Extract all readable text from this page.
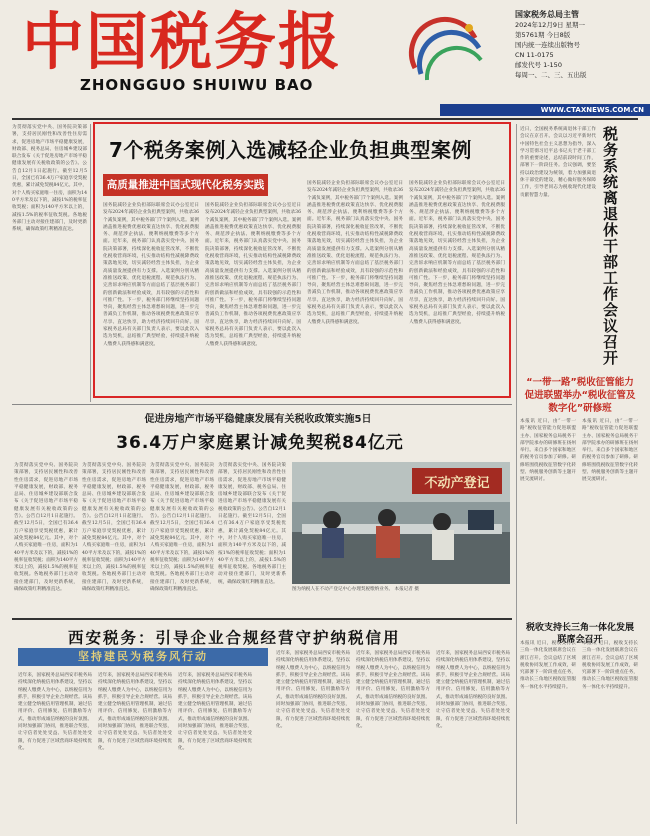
中国税务报
ZHONGGUO SHUIWU BAO
国家税务总局主管
2024年12月9日 星期一
第5761期 今日8版
国内统一连续出版物号
CN 11-0175
邮发代号 1-150
每周一、二、三、五出版
WWW.CTAXNEWS.COM.CN
为贯彻落实党中央、国务院决策部署，支持居民刚性和改善性住房需求，促进房地产市场平稳健康发展，财政部、税务总局、住房城乡建设部联合发布《关于促进房地产市场平稳健康发展有关税收政策的公告》。公告自12月1日起施行。截至12月5日，全国已有36.4万户家庭享受契税优惠，累计减免契税84亿元。其中，对个人购买家庭唯一住房，面积为140平方米及以下的，减按1%的税率征收契税；面积为140平方米以上的，减按1.5%的税率征收契税。各地税务部门主动对接住建部门，及时更新系统，确保政策红利精准直达。
7个税务案例入选减轻企业负担典型案例
高质量推进中国式现代化税务实践
国务院减轻企业负担部际联席会议办公室近日发布2024年减轻企业负担典型案例，共收录36个减负案例，其中税务部门7个案例入选。案例涵盖推进税费优惠政策直达快享、优化税费服务、规范涉企执法、便利纳税缴费等多个方面。近年来，税务部门认真落实党中央、国务院决策部署，持续深化税收征管改革，不断优化税收营商环境，扎实推动结构性减税降费政策落地见效，切实减轻经营主体负担，为企业高质量发展提供有力支撑。入选案例分别从精准推送政策、优化退税流程、规范执法行为、完善诉求响应机制等方面总结了基层税务部门的创新做法和经验成效，具有较强的示范性和可推广性。下一步，税务部门将继续坚持问题导向，聚焦经营主体急难愁盼问题，进一步完善减负工作机制，推动各项税费优惠政策应享尽享、直达快享，助力经济持续回升向好。国家税务总局有关部门负责人表示，要以此次入选为契机，总结推广典型经验，持续提升纳税人缴费人获得感和满意度。
国务院减轻企业负担部际联席会议办公室近日发布2024年减轻企业负担典型案例，共收录36个减负案例，其中税务部门7个案例入选。案例涵盖推进税费优惠政策直达快享、优化税费服务、规范涉企执法、便利纳税缴费等多个方面。近年来，税务部门认真落实党中央、国务院决策部署，持续深化税收征管改革，不断优化税收营商环境，扎实推动结构性减税降费政策落地见效，切实减轻经营主体负担，为企业高质量发展提供有力支撑。入选案例分别从精准推送政策、优化退税流程、规范执法行为、完善诉求响应机制等方面总结了基层税务部门的创新做法和经验成效，具有较强的示范性和可推广性。下一步，税务部门将继续坚持问题导向，聚焦经营主体急难愁盼问题，进一步完善减负工作机制，推动各项税费优惠政策应享尽享、直达快享，助力经济持续回升向好。国家税务总局有关部门负责人表示，要以此次入选为契机，总结推广典型经验，持续提升纳税人缴费人获得感和满意度。
国务院减轻企业负担部际联席会议办公室近日发布2024年减轻企业负担典型案例，共收录36个减负案例，其中税务部门7个案例入选。案例涵盖推进税费优惠政策直达快享、优化税费服务、规范涉企执法、便利纳税缴费等多个方面。近年来，税务部门认真落实党中央、国务院决策部署，持续深化税收征管改革，不断优化税收营商环境，扎实推动结构性减税降费政策落地见效，切实减轻经营主体负担，为企业高质量发展提供有力支撑。入选案例分别从精准推送政策、优化退税流程、规范执法行为、完善诉求响应机制等方面总结了基层税务部门的创新做法和经验成效，具有较强的示范性和可推广性。下一步，税务部门将继续坚持问题导向，聚焦经营主体急难愁盼问题，进一步完善减负工作机制，推动各项税费优惠政策应享尽享、直达快享，助力经济持续回升向好。国家税务总局有关部门负责人表示，要以此次入选为契机，总结推广典型经验，持续提升纳税人缴费人获得感和满意度。
国务院减轻企业负担部际联席会议办公室近日发布2024年减轻企业负担典型案例，共收录36个减负案例，其中税务部门7个案例入选。案例涵盖推进税费优惠政策直达快享、优化税费服务、规范涉企执法、便利纳税缴费等多个方面。近年来，税务部门认真落实党中央、国务院决策部署，持续深化税收征管改革，不断优化税收营商环境，扎实推动结构性减税降费政策落地见效，切实减轻经营主体负担，为企业高质量发展提供有力支撑。入选案例分别从精准推送政策、优化退税流程、规范执法行为、完善诉求响应机制等方面总结了基层税务部门的创新做法和经验成效，具有较强的示范性和可推广性。下一步，税务部门将继续坚持问题导向，聚焦经营主体急难愁盼问题，进一步完善减负工作机制，推动各项税费优惠政策应享尽享、直达快享，助力经济持续回升向好。国家税务总局有关部门负责人表示，要以此次入选为契机，总结推广典型经验，持续提升纳税人缴费人获得感和满意度。
近日，全国税务系统离退休干部工作会议在京召开。会议以习近平新时代中国特色社会主义思想为指导，深入学习贯彻习近平总书记关于老干部工作的重要论述，总结前段时间工作，部署下一阶段任务。会议强调，要坚持以政治建设为统领，着力加强离退休干部党的建设，精心做好服务保障工作，引导老同志为税收现代化建设贡献智慧力量。	税务系统离退休干部工作会议召开
“一带一路”税收征管能力促进联盟举办“税收征管及数字化”研修班
本报讯 近日，由“一带一路”税收征管能力促进联盟主办、国家税务总局税务干部学院承办的研修班在扬州举行。来自多个国家和地区的税务官员参加了研修。研修班围绕税收征管数字化转型、纳税服务创新等主题开展交流研讨。
本报讯 近日，由“一带一路”税收征管能力促进联盟主办、国家税务总局税务干部学院承办的研修班在扬州举行。来自多个国家和地区的税务官员参加了研修。研修班围绕税收征管数字化转型、纳税服务创新等主题开展交流研讨。
促进房地产市场平稳健康发展有关税收政策实施5日
36.4万户家庭累计减免契税84亿元
为贯彻落实党中央、国务院决策部署，支持居民刚性和改善性住房需求，促进房地产市场平稳健康发展，财政部、税务总局、住房城乡建设部联合发布《关于促进房地产市场平稳健康发展有关税收政策的公告》。公告自12月1日起施行。截至12月5日，全国已有36.4万户家庭享受契税优惠，累计减免契税84亿元。其中，对个人购买家庭唯一住房，面积为140平方米及以下的，减按1%的税率征收契税；面积为140平方米以上的，减按1.5%的税率征收契税。各地税务部门主动对接住建部门，及时更新系统，确保政策红利精准直达。
为贯彻落实党中央、国务院决策部署，支持居民刚性和改善性住房需求，促进房地产市场平稳健康发展，财政部、税务总局、住房城乡建设部联合发布《关于促进房地产市场平稳健康发展有关税收政策的公告》。公告自12月1日起施行。截至12月5日，全国已有36.4万户家庭享受契税优惠，累计减免契税84亿元。其中，对个人购买家庭唯一住房，面积为140平方米及以下的，减按1%的税率征收契税；面积为140平方米以上的，减按1.5%的税率征收契税。各地税务部门主动对接住建部门，及时更新系统，确保政策红利精准直达。
为贯彻落实党中央、国务院决策部署，支持居民刚性和改善性住房需求，促进房地产市场平稳健康发展，财政部、税务总局、住房城乡建设部联合发布《关于促进房地产市场平稳健康发展有关税收政策的公告》。公告自12月1日起施行。截至12月5日，全国已有36.4万户家庭享受契税优惠，累计减免契税84亿元。其中，对个人购买家庭唯一住房，面积为140平方米及以下的，减按1%的税率征收契税；面积为140平方米以上的，减按1.5%的税率征收契税。各地税务部门主动对接住建部门，及时更新系统，确保政策红利精准直达。
为贯彻落实党中央、国务院决策部署，支持居民刚性和改善性住房需求，促进房地产市场平稳健康发展，财政部、税务总局、住房城乡建设部联合发布《关于促进房地产市场平稳健康发展有关税收政策的公告》。公告自12月1日起施行。截至12月5日，全国已有36.4万户家庭享受契税优惠，累计减免契税84亿元。其中，对个人购买家庭唯一住房，面积为140平方米及以下的，减按1%的税率征收契税；面积为140平方米以上的，减按1.5%的税率征收契税。各地税务部门主动对接住建部门，及时更新系统，确保政策红利精准直达。
不动产登记
图为纳税人在不动产登记中心办理契税缴纳业务。 本报记者 摄
西安税务：引导企业合规经营守护纳税信用
坚持建民为税务风行动
近年来，国家税务总局西安市税务局持续深化纳税信用体系建设，坚持以纳税人缴费人为中心，以纳税信用为抓手，积极引导企业合规经营。该局建立健全纳税信用管理机制，通过信用评价、信用修复、信用激励等方式，推动形成诚信纳税的良好氛围。同时加强部门协同，推进联合奖惩，让守信者处处受益、失信者处处受限，有力促进了区域营商环境持续优化。
近年来，国家税务总局西安市税务局持续深化纳税信用体系建设，坚持以纳税人缴费人为中心，以纳税信用为抓手，积极引导企业合规经营。该局建立健全纳税信用管理机制，通过信用评价、信用修复、信用激励等方式，推动形成诚信纳税的良好氛围。同时加强部门协同，推进联合奖惩，让守信者处处受益、失信者处处受限，有力促进了区域营商环境持续优化。
近年来，国家税务总局西安市税务局持续深化纳税信用体系建设，坚持以纳税人缴费人为中心，以纳税信用为抓手，积极引导企业合规经营。该局建立健全纳税信用管理机制，通过信用评价、信用修复、信用激励等方式，推动形成诚信纳税的良好氛围。同时加强部门协同，推进联合奖惩，让守信者处处受益、失信者处处受限，有力促进了区域营商环境持续优化。
近年来，国家税务总局西安市税务局持续深化纳税信用体系建设，坚持以纳税人缴费人为中心，以纳税信用为抓手，积极引导企业合规经营。该局建立健全纳税信用管理机制，通过信用评价、信用修复、信用激励等方式，推动形成诚信纳税的良好氛围。同时加强部门协同，推进联合奖惩，让守信者处处受益、失信者处处受限，有力促进了区域营商环境持续优化。
近年来，国家税务总局西安市税务局持续深化纳税信用体系建设，坚持以纳税人缴费人为中心，以纳税信用为抓手，积极引导企业合规经营。该局建立健全纳税信用管理机制，通过信用评价、信用修复、信用激励等方式，推动形成诚信纳税的良好氛围。同时加强部门协同，推进联合奖惩，让守信者处处受益、失信者处处受限，有力促进了区域营商环境持续优化。
近年来，国家税务总局西安市税务局持续深化纳税信用体系建设，坚持以纳税人缴费人为中心，以纳税信用为抓手，积极引导企业合规经营。该局建立健全纳税信用管理机制，通过信用评价、信用修复、信用激励等方式，推动形成诚信纳税的良好氛围。同时加强部门协同，推进联合奖惩，让守信者处处受益、失信者处处受限，有力促进了区域营商环境持续优化。
税收支持长三角一体化发展联席会召开
本报讯 近日，税收支持长三角一体化发展联席会议在浙江召开。会议总结了区域税收协同发展工作成效，研究部署下一阶段重点任务，推动长三角地区税收征管服务一体化水平持续提升。
本报讯 近日，税收支持长三角一体化发展联席会议在浙江召开。会议总结了区域税收协同发展工作成效，研究部署下一阶段重点任务，推动长三角地区税收征管服务一体化水平持续提升。
